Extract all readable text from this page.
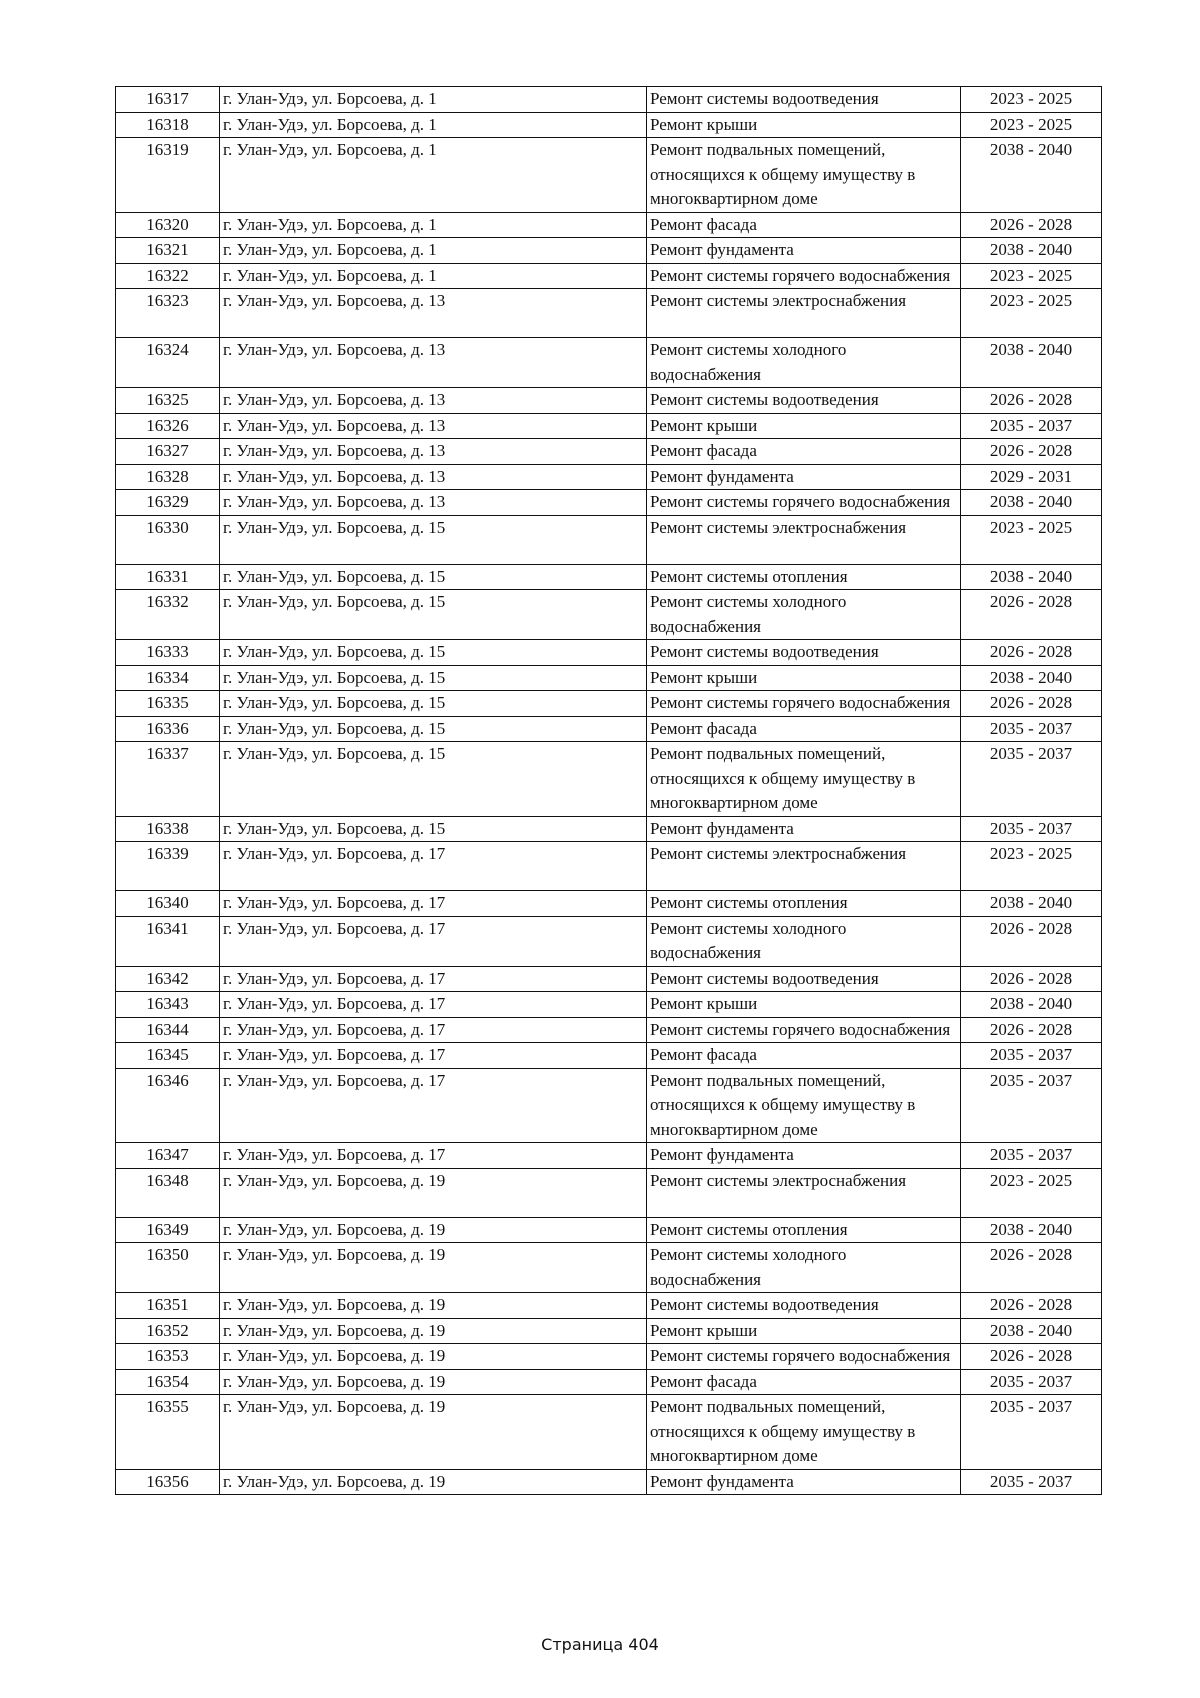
16317	г. Улан-Удэ, ул. Борсоева, д. 1	Ремонт системы водоотведения	2023 - 2025
16318	г. Улан-Удэ, ул. Борсоева, д. 1	Ремонт крыши	2023 - 2025
16319	г. Улан-Удэ, ул. Борсоева, д. 1	Ремонт подвальных помещений, относящихся к общему имуществу в многоквартирном доме	2038 - 2040
16320	г. Улан-Удэ, ул. Борсоева, д. 1	Ремонт фасада	2026 - 2028
16321	г. Улан-Удэ, ул. Борсоева, д. 1	Ремонт фундамента	2038 - 2040
16322	г. Улан-Удэ, ул. Борсоева, д. 1	Ремонт системы горячего водоснабжения	2023 - 2025
16323	г. Улан-Удэ, ул. Борсоева, д. 13	Ремонт системы электроснабжения	2023 - 2025
16324	г. Улан-Удэ, ул. Борсоева, д. 13	Ремонт системы холодного водоснабжения	2038 - 2040
16325	г. Улан-Удэ, ул. Борсоева, д. 13	Ремонт системы водоотведения	2026 - 2028
16326	г. Улан-Удэ, ул. Борсоева, д. 13	Ремонт крыши	2035 - 2037
16327	г. Улан-Удэ, ул. Борсоева, д. 13	Ремонт фасада	2026 - 2028
16328	г. Улан-Удэ, ул. Борсоева, д. 13	Ремонт фундамента	2029 - 2031
16329	г. Улан-Удэ, ул. Борсоева, д. 13	Ремонт системы горячего водоснабжения	2038 - 2040
16330	г. Улан-Удэ, ул. Борсоева, д. 15	Ремонт системы электроснабжения	2023 - 2025
16331	г. Улан-Удэ, ул. Борсоева, д. 15	Ремонт системы отопления	2038 - 2040
16332	г. Улан-Удэ, ул. Борсоева, д. 15	Ремонт системы холодного водоснабжения	2026 - 2028
16333	г. Улан-Удэ, ул. Борсоева, д. 15	Ремонт системы водоотведения	2026 - 2028
16334	г. Улан-Удэ, ул. Борсоева, д. 15	Ремонт крыши	2038 - 2040
16335	г. Улан-Удэ, ул. Борсоева, д. 15	Ремонт системы горячего водоснабжения	2026 - 2028
16336	г. Улан-Удэ, ул. Борсоева, д. 15	Ремонт фасада	2035 - 2037
16337	г. Улан-Удэ, ул. Борсоева, д. 15	Ремонт подвальных помещений, относящихся к общему имуществу в многоквартирном доме	2035 - 2037
16338	г. Улан-Удэ, ул. Борсоева, д. 15	Ремонт фундамента	2035 - 2037
16339	г. Улан-Удэ, ул. Борсоева, д. 17	Ремонт системы электроснабжения	2023 - 2025
16340	г. Улан-Удэ, ул. Борсоева, д. 17	Ремонт системы отопления	2038 - 2040
16341	г. Улан-Удэ, ул. Борсоева, д. 17	Ремонт системы холодного водоснабжения	2026 - 2028
16342	г. Улан-Удэ, ул. Борсоева, д. 17	Ремонт системы водоотведения	2026 - 2028
16343	г. Улан-Удэ, ул. Борсоева, д. 17	Ремонт крыши	2038 - 2040
16344	г. Улан-Удэ, ул. Борсоева, д. 17	Ремонт системы горячего водоснабжения	2026 - 2028
16345	г. Улан-Удэ, ул. Борсоева, д. 17	Ремонт фасада	2035 - 2037
16346	г. Улан-Удэ, ул. Борсоева, д. 17	Ремонт подвальных помещений, относящихся к общему имуществу в многоквартирном доме	2035 - 2037
16347	г. Улан-Удэ, ул. Борсоева, д. 17	Ремонт фундамента	2035 - 2037
16348	г. Улан-Удэ, ул. Борсоева, д. 19	Ремонт системы электроснабжения	2023 - 2025
16349	г. Улан-Удэ, ул. Борсоева, д. 19	Ремонт системы отопления	2038 - 2040
16350	г. Улан-Удэ, ул. Борсоева, д. 19	Ремонт системы холодного водоснабжения	2026 - 2028
16351	г. Улан-Удэ, ул. Борсоева, д. 19	Ремонт системы водоотведения	2026 - 2028
16352	г. Улан-Удэ, ул. Борсоева, д. 19	Ремонт крыши	2038 - 2040
16353	г. Улан-Удэ, ул. Борсоева, д. 19	Ремонт системы горячего водоснабжения	2026 - 2028
16354	г. Улан-Удэ, ул. Борсоева, д. 19	Ремонт фасада	2035 - 2037
16355	г. Улан-Удэ, ул. Борсоева, д. 19	Ремонт подвальных помещений, относящихся к общему имуществу в многоквартирном доме	2035 - 2037
16356	г. Улан-Удэ, ул. Борсоева, д. 19	Ремонт фундамента	2035 - 2037
Страница 404
